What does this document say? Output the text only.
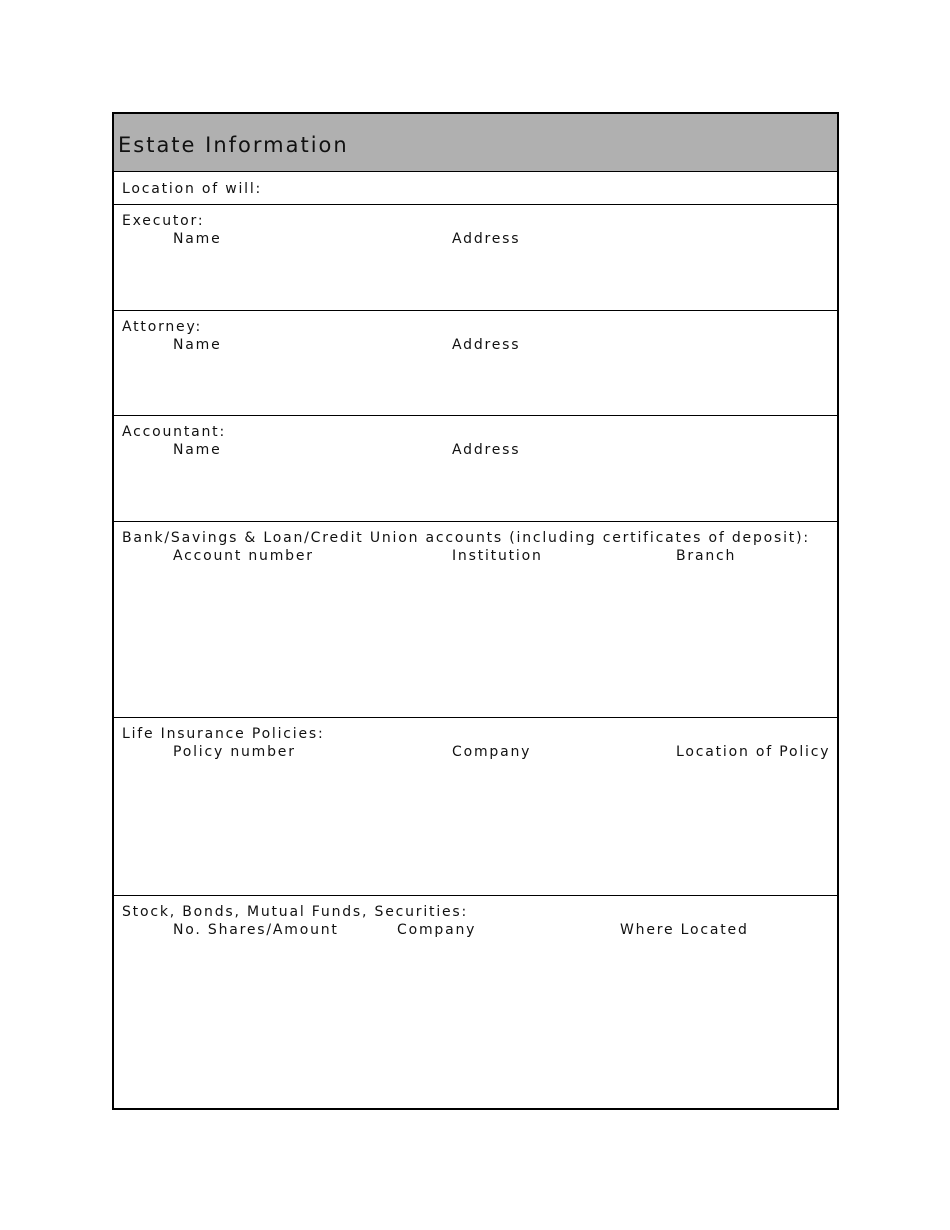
Estate Information
Location of will:
Executor:
Name	Address
Attorney:
Name	Address
Accountant:
Name	Address
Bank/Savings & Loan/Credit Union accounts (including certificates of deposit):
Account number	Institution	Branch
Life Insurance Policies:
Policy number	Company	Location of Policy
Stock, Bonds, Mutual Funds, Securities:
No. Shares/Amount	Company	Where Located
